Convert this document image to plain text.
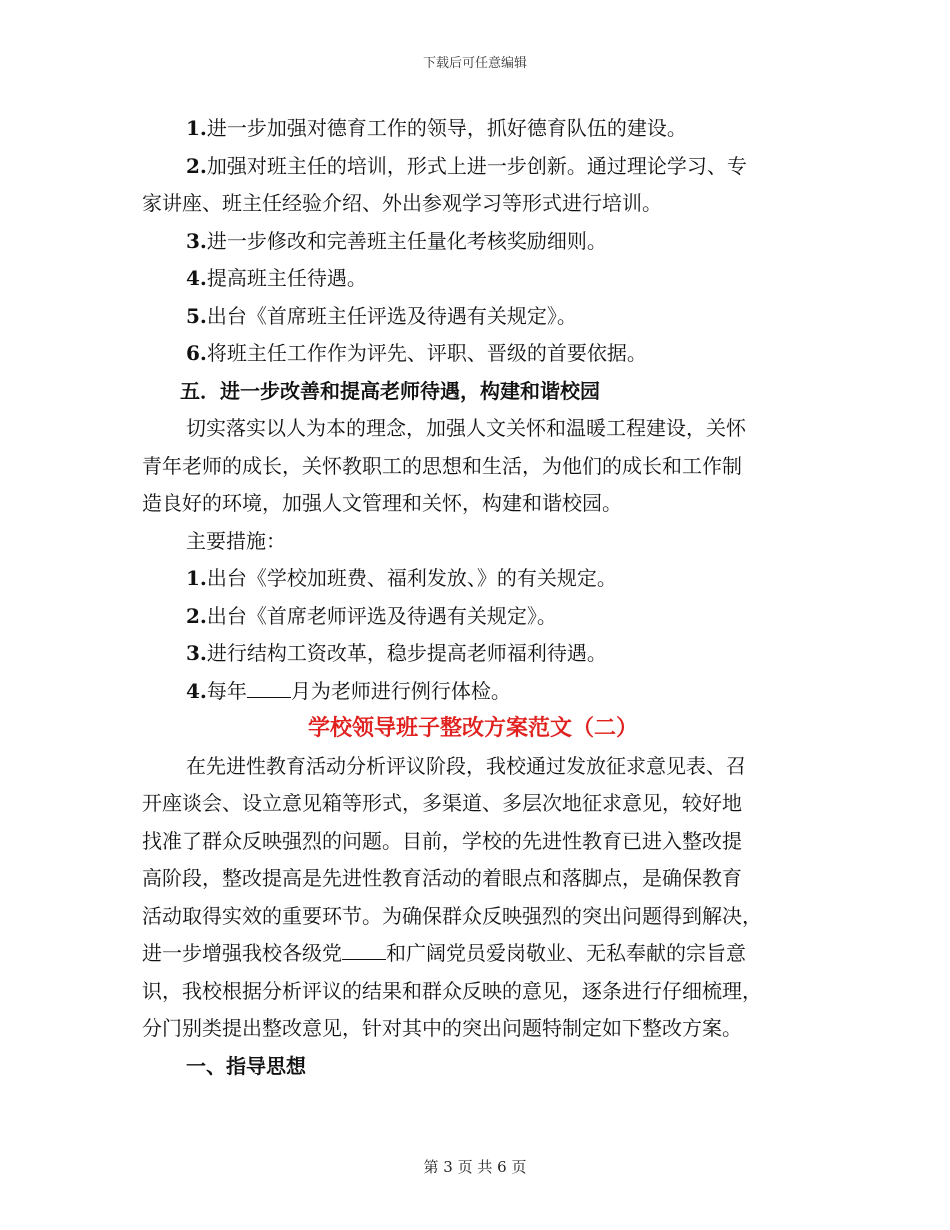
下载后可任意编辑
1.进一步加强对德育工作的领导，抓好德育队伍的建设。
2.加强对班主任的培训，形式上进一步创新。通过理论学习、专
家讲座、班主任经验介绍、外出参观学习等形式进行培训。
3.进一步修改和完善班主任量化考核奖励细则。
4.提高班主任待遇。
5.出台《首席班主任评选及待遇有关规定》。
6.将班主任工作作为评先、评职、晋级的首要依据。
五．进一步改善和提高老师待遇，构建和谐校园
切实落实以人为本的理念，加强人文关怀和温暖工程建设，关怀
青年老师的成长，关怀教职工的思想和生活，为他们的成长和工作制
造良好的环境，加强人文管理和关怀，构建和谐校园。
主要措施：
1.出台《学校加班费、福利发放、》的有关规定。
2.出台《首席老师评选及待遇有关规定》。
3.进行结构工资改革，稳步提高老师福利待遇。
4.每年 月为老师进行例行体检。
学校领导班子整改方案范文（二）
在先进性教育活动分析评议阶段，我校通过发放征求意见表、召
开座谈会、设立意见箱等形式，多渠道、多层次地征求意见，较好地
找准了群众反映强烈的问题。目前，学校的先进性教育已进入整改提
高阶段，整改提高是先进性教育活动的着眼点和落脚点，是确保教育
活动取得实效的重要环节。为确保群众反映强烈的突出问题得到解决，
进一步增强我校各级党 和广阔党员爱岗敬业、无私奉献的宗旨意
识，我校根据分析评议的结果和群众反映的意见，逐条进行仔细梳理，
分门别类提出整改意见，针对其中的突出问题特制定如下整改方案。
一、指导思想
第 3 页 共 6 页
